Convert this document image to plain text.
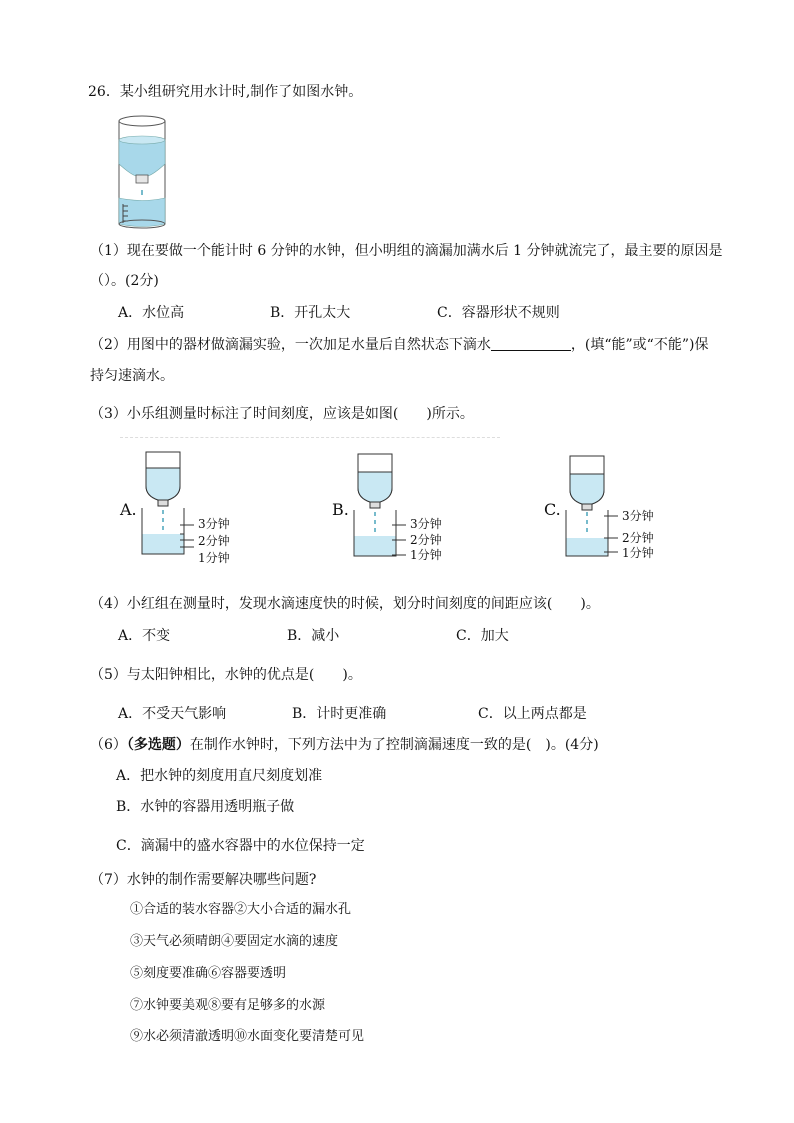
26．某小组研究用水计时,制作了如图水钟。
（1）现在要做一个能计时 6 分钟的水钟，但小明组的滴漏加满水后 1 分钟就流完了，最主要的原因是
（）。(2分)
A．水位高	B．开孔太大	C．容器形状不规则
（2）用图中的器材做滴漏实验，一次加足水量后自然状态下滴水	，(填“能”或“不能”)保
持匀速滴水。
（3）小乐组测量时标注了时间刻度，应该是如图(　　)所示。
A.
3分钟
2分钟
1分钟
B.
3分钟
2分钟
1分钟
C.	3分钟
2分钟
1分钟
（4）小红组在测量时，发现水滴速度快的时候，划分时间刻度的间距应该(　　)。
A．不变	B．减小	C．加大
（5）与太阳钟相比，水钟的优点是(　　)。
A．不受天气影响	B．计时更准确	C．以上两点都是
（6）（多选题）在制作水钟时，下列方法中为了控制滴漏速度一致的是(　)。(4分)
A．把水钟的刻度用直尺刻度划准
B．水钟的容器用透明瓶子做
C．滴漏中的盛水容器中的水位保持一定
（7）水钟的制作需要解决哪些问题?
①合适的装水容器②大小合适的漏水孔
③天气必须晴朗④要固定水滴的速度
⑤刻度要准确⑥容器要透明
⑦水钟要美观⑧要有足够多的水源
⑨水必须清澈透明⑩水面变化要清楚可见
